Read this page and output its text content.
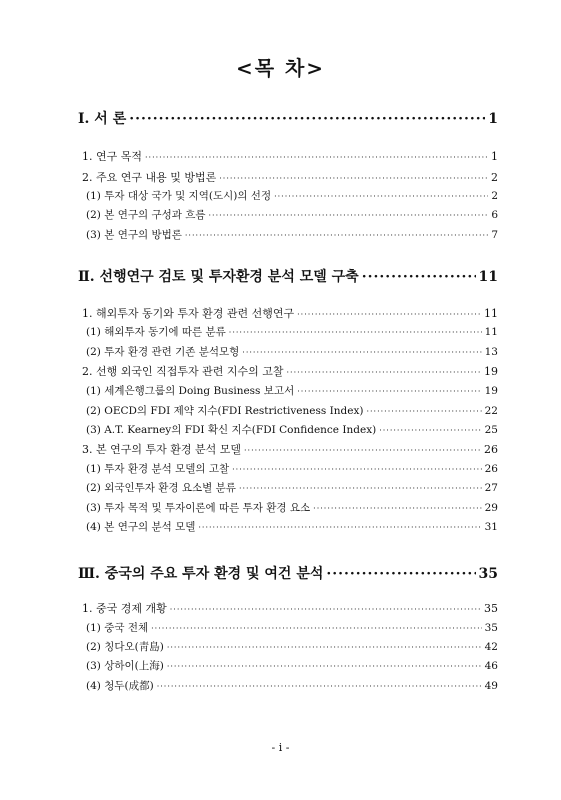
<목 차>
Ⅰ. 서 론 ·····	1
1. 연구 목적 ·····	1
2. 주요 연구 내용 및 방법론 ·····	2
(1) 투자 대상 국가 및 지역(도시)의 선정 ·····	2
(2) 본 연구의 구성과 흐름 ·····	6
(3) 본 연구의 방법론 ·····	7
Ⅱ. 선행연구 검토 및 투자환경 분석 모델 구축 ·····	11
1. 해외투자 동기와 투자 환경 관련 선행연구 ·····	11
(1) 해외투자 동기에 따른 분류 ·····	11
(2) 투자 환경 관련 기존 분석모형 ·····	13
2. 선행 외국인 직접투자 관련 지수의 고찰 ·····	19
(1) 세계은행그룹의 Doing Business 보고서 ·····	19
(2) OECD의 FDI 제약 지수(FDI Restrictiveness Index) ·····	22
(3) A.T. Kearney의 FDI 확신 지수(FDI Confidence Index) ·····	25
3. 본 연구의 투자 환경 분석 모델 ·····	26
(1) 투자 환경 분석 모델의 고찰 ·····	26
(2) 외국인투자 환경 요소별 분류 ·····	27
(3) 투자 목적 및 투자이론에 따른 투자 환경 요소 ·····	29
(4) 본 연구의 분석 모델 ·····	31
Ⅲ. 중국의 주요 투자 환경 및 여건 분석 ·····	35
1. 중국 경제 개황 ·····	35
(1) 중국 전체 ·····	35
(2) 칭다오(靑島) ·····	42
(3) 상하이(上海) ·····	46
(4) 청두(成都) ·····	49
- i -
